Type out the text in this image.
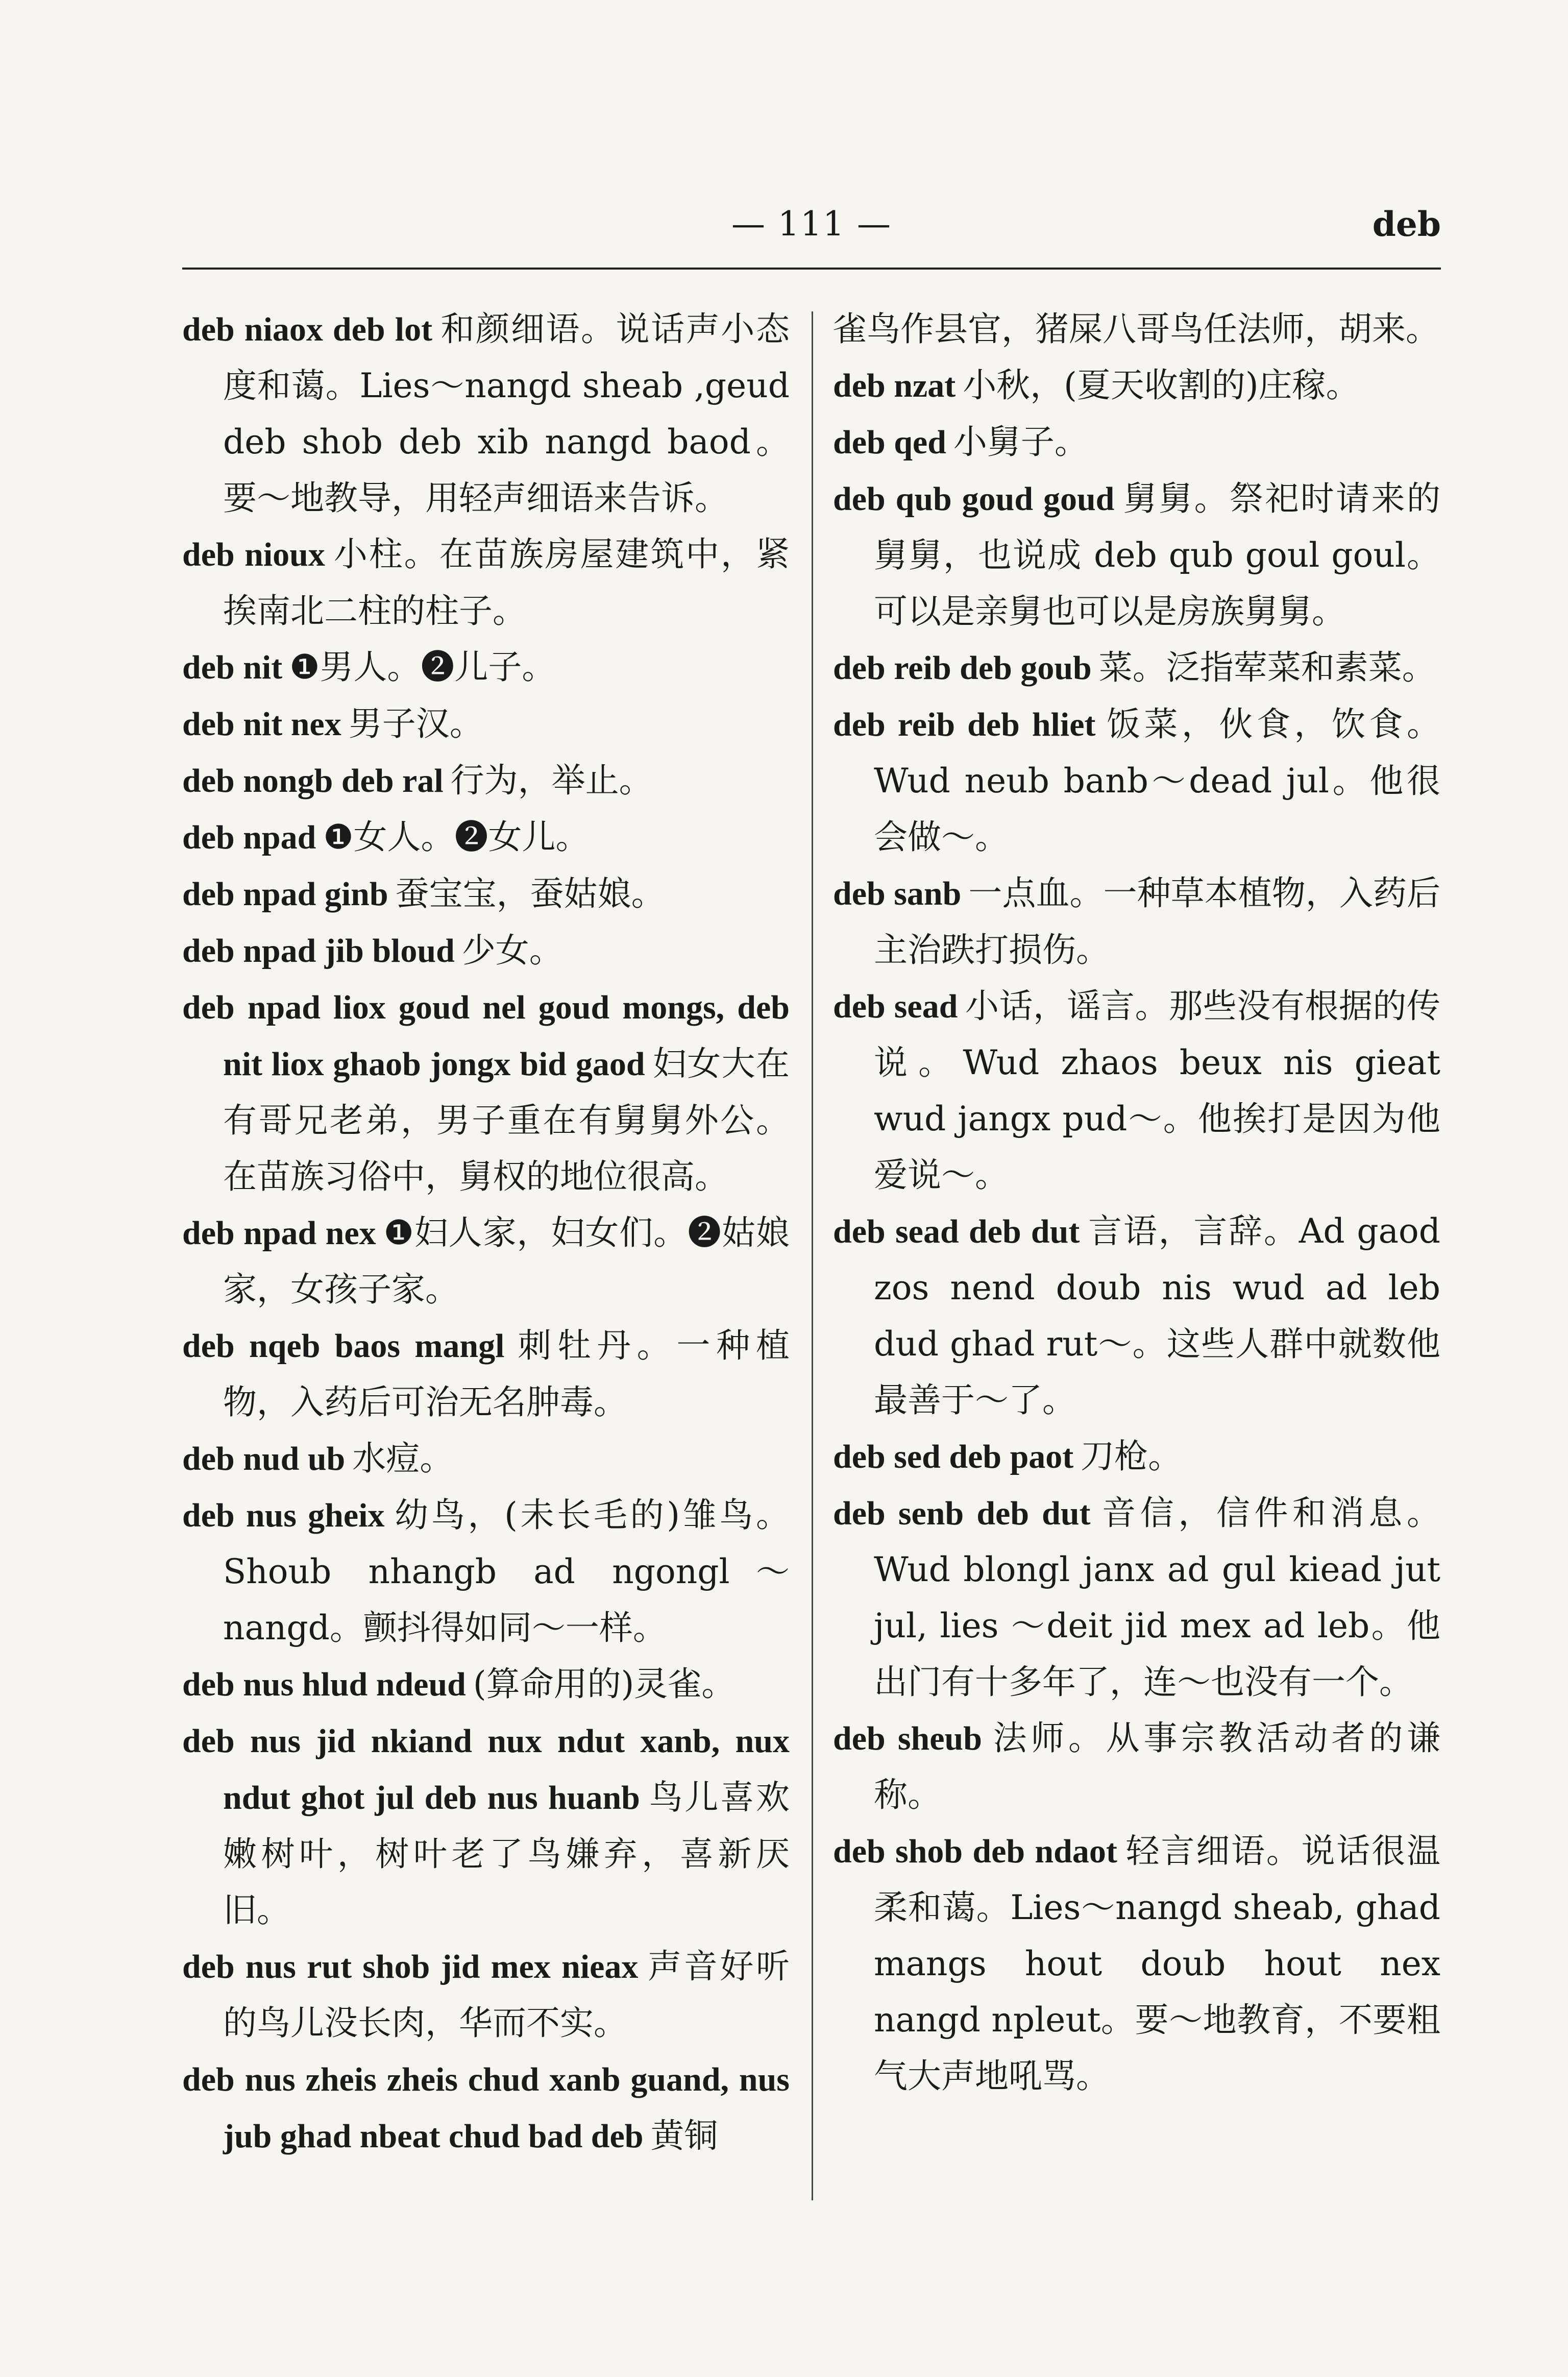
— 111 —	deb
deb niaox deb lot 和颜细语。说话声小态度和蔼。Lies～nangd sheab ,geud deb shob deb xib nangd baod。要～地教导，用轻声细语来告诉。
deb nioux 小柱。在苗族房屋建筑中，紧挨南北二柱的柱子。
deb nit ❶男人。❷儿子。
deb nit nex 男子汉。
deb nongb deb ral 行为，举止。
deb npad ❶女人。❷女儿。
deb npad ginb 蚕宝宝，蚕姑娘。
deb npad jib bloud 少女。
deb npad liox goud nel goud mongs, deb nit liox ghaob jongx bid gaod 妇女大在有哥兄老弟，男子重在有舅舅外公。在苗族习俗中，舅权的地位很高。
deb npad nex ❶妇人家，妇女们。❷姑娘家，女孩子家。
deb nqeb baos mangl 刺牡丹。一种植物，入药后可治无名肿毒。
deb nud ub 水痘。
deb nus gheix 幼鸟，(未长毛的)雏鸟。Shoub nhangb ad ngongl～nangd。颤抖得如同～一样。
deb nus hlud ndeud (算命用的)灵雀。
deb nus jid nkiand nux ndut xanb, nux ndut ghot jul deb nus huanb 鸟儿喜欢嫩树叶，树叶老了鸟嫌弃，喜新厌旧。
deb nus rut shob jid mex nieax 声音好听的鸟儿没长肉，华而不实。
deb nus zheis zheis chud xanb guand, nus jub ghad nbeat chud bad deb 黄铜
雀鸟作县官，猪屎八哥鸟任法师，胡来。
deb nzat 小秋，(夏天收割的)庄稼。
deb qed 小舅子。
deb qub goud goud 舅舅。祭祀时请来的舅舅，也说成 deb qub goul goul。可以是亲舅也可以是房族舅舅。
deb reib deb goub 菜。泛指荤菜和素菜。
deb reib deb hliet 饭菜，伙食，饮食。Wud neub banb～dead jul。他很会做～。
deb sanb 一点血。一种草本植物，入药后主治跌打损伤。
deb sead 小话，谣言。那些没有根据的传说。Wud zhaos beux nis gieat wud jangx pud～。他挨打是因为他爱说～。
deb sead deb dut 言语，言辞。Ad gaod zos nend doub nis wud ad leb dud ghad rut～。这些人群中就数他最善于～了。
deb sed deb paot 刀枪。
deb senb deb dut 音信，信件和消息。Wud blongl janx ad gul kiead jut jul, lies ～deit jid mex ad leb。他出门有十多年了，连～也没有一个。
deb sheub 法师。从事宗教活动者的谦称。
deb shob deb ndaot 轻言细语。说话很温柔和蔼。Lies～nangd sheab, ghad mangs hout doub hout nex nangd npleut。要～地教育，不要粗气大声地吼骂。
